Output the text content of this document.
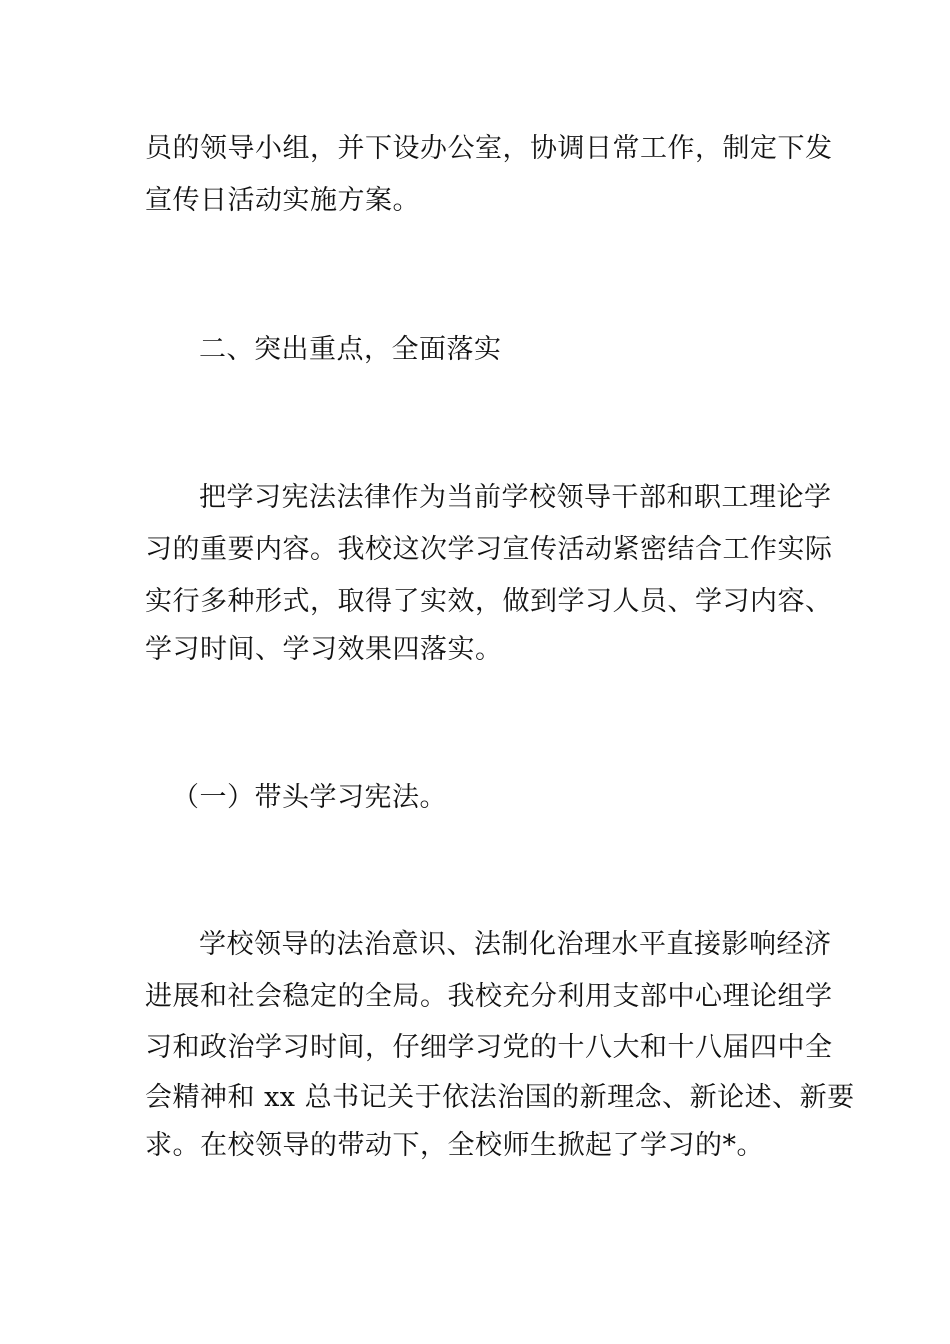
员的领导小组，并下设办公室，协调日常工作，制定下发
宣传日活动实施方案。
二、突出重点，全面落实
把学习宪法法律作为当前学校领导干部和职工理论学
习的重要内容。我校这次学习宣传活动紧密结合工作实际
实行多种形式，取得了实效，做到学习人员、学习内容、
学习时间、学习效果四落实。
（一）带头学习宪法。
学校领导的法治意识、法制化治理水平直接影响经济
进展和社会稳定的全局。我校充分利用支部中心理论组学
习和政治学习时间，仔细学习党的十八大和十八届四中全
会精神和 xx 总书记关于依法治国的新理念、新论述、新要
求。在校领导的带动下，全校师生掀起了学习的*。
